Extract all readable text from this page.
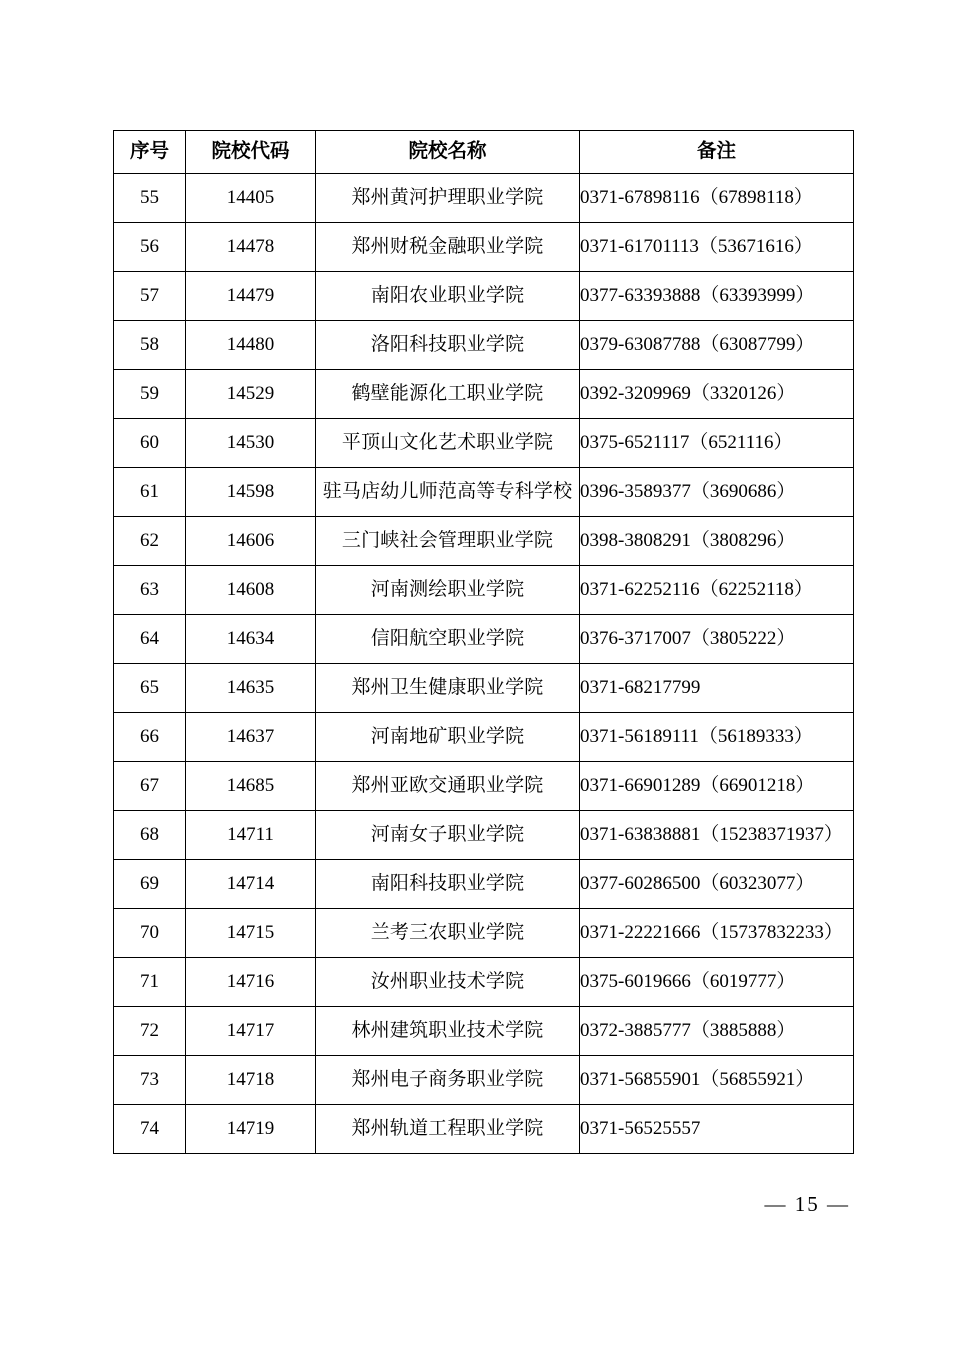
序号	院校代码	院校名称	备注
55	14405	郑州黄河护理职业学院	0371-67898116（67898118）
56	14478	郑州财税金融职业学院	0371-61701113（53671616）
57	14479	南阳农业职业学院	0377-63393888（63393999）
58	14480	洛阳科技职业学院	0379-63087788（63087799）
59	14529	鹤壁能源化工职业学院	0392-3209969（3320126）
60	14530	平顶山文化艺术职业学院	0375-6521117（6521116）
61	14598	驻马店幼儿师范高等专科学校	0396-3589377（3690686）
62	14606	三门峡社会管理职业学院	0398-3808291（3808296）
63	14608	河南测绘职业学院	0371-62252116（62252118）
64	14634	信阳航空职业学院	0376-3717007（3805222）
65	14635	郑州卫生健康职业学院	0371-68217799
66	14637	河南地矿职业学院	0371-56189111（56189333）
67	14685	郑州亚欧交通职业学院	0371-66901289（66901218）
68	14711	河南女子职业学院	0371-63838881（15238371937）
69	14714	南阳科技职业学院	0377-60286500（60323077）
70	14715	兰考三农职业学院	0371-22221666（15737832233）
71	14716	汝州职业技术学院	0375-6019666（6019777）
72	14717	林州建筑职业技术学院	0372-3885777（3885888）
73	14718	郑州电子商务职业学院	0371-56855901（56855921）
74	14719	郑州轨道工程职业学院	0371-56525557
— 15 —
